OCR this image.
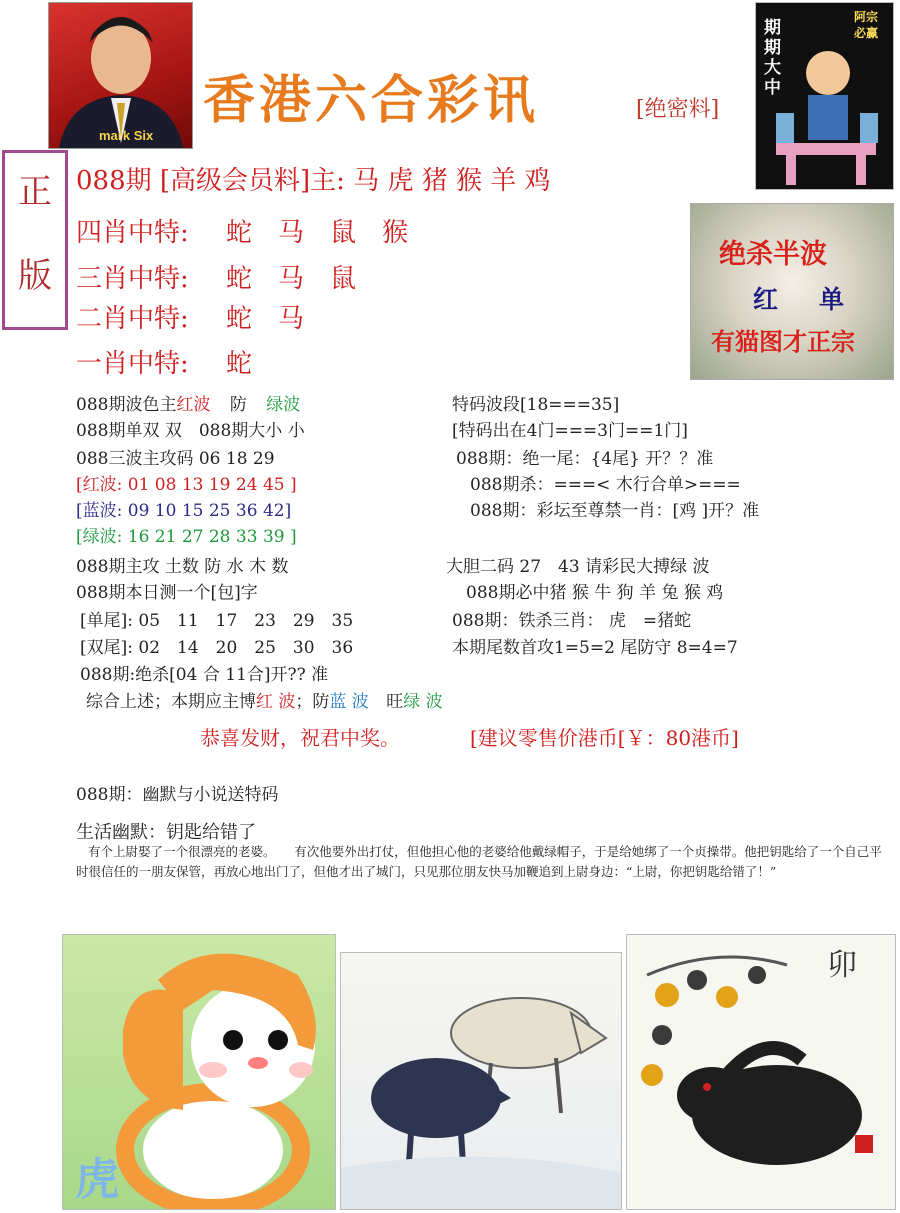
mark Six
香港六合彩讯	[绝密料]
期期大中
阿宗必赢
正
版
088期 [高级会员料]主: 马 虎 猪 猴 羊 鸡
四肖中特: 蛇　马　鼠　猴
三肖中特: 蛇　马　鼠
二肖中特: 蛇　马
一肖中特: 蛇
绝杀半波
红 单
有猫图才正宗
088期波色主红波 防 绿波
088期单双 双　088期大小 小
088三波主攻码 06 18 29
[红波: 01 08 13 19 24 45 ]
[蓝波: 09 10 15 25 36 42]
[绿波: 16 21 27 28 33 39 ]
088期主攻 土数 防 水 木 数
088期本日测一个[包]字
[单尾]: 05　11　17　23　29　35
[双尾]: 02　14　20　25　30　36
088期:绝杀[04 合 11合]开?? 准
综合上述；本期应主博红 波；防蓝 波 旺绿 波
特码波段[18===35]
[特码出在4门===3门==1门]
088期：绝一尾：{4尾} 开？？准
088期杀：===< 木行合单>===
088期：彩坛至尊禁一肖：[鸡 ]开？准
大胆二码 27　43 请彩民大搏绿 波
088期必中猪 猴 牛 狗 羊 兔 猴 鸡
088期：铁杀三肖： 虎　=猪蛇
本期尾数首攻1=5=2 尾防守 8=4=7
恭喜发财，祝君中奖。	[建议零售价港币[￥：80港币]
088期：幽默与小说送特码
生活幽默：钥匙给错了
有个上尉娶了一个很漂亮的老婆。　　有次他要外出打仗，但他担心他的老婆给他戴绿帽子，于是给她绑了一个贞操带。他把钥匙给了一个自己平时很信任的一朋友保管，再放心地出门了，但他才出了城门，只见那位朋友快马加鞭追到上尉身边：“上尉，你把钥匙给错了！”
虎
卯
